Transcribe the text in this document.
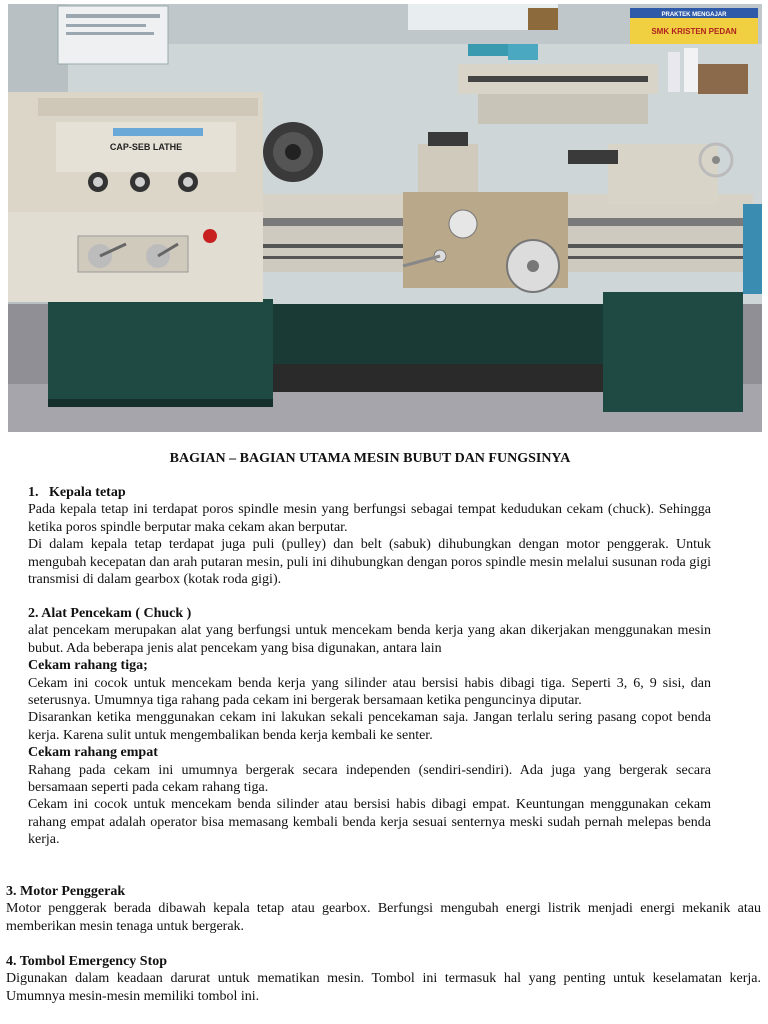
PRAKTEK MENGAJAR
SMK KRISTEN PEDAN
CAP-SEB LATHE
BAGIAN – BAGIAN UTAMA MESIN BUBUT DAN FUNGSINYA

1. Kepala tetap

Pada kepala tetap ini terdapat poros spindle mesin yang berfungsi sebagai tempat kedudukan cekam (chuck). Sehingga ketika poros spindle berputar maka cekam akan berputar.

Di dalam kepala tetap terdapat juga puli (pulley) dan belt (sabuk) dihubungkan dengan motor penggerak. Untuk mengubah kecepatan dan arah putaran mesin, puli ini dihubungkan dengan poros spindle mesin melalui susunan roda gigi transmisi di dalam gearbox (kotak roda gigi).

2. Alat Pencekam ( Chuck )

alat pencekam merupakan alat yang berfungsi untuk mencekam benda kerja yang akan dikerjakan menggunakan mesin bubut. Ada beberapa jenis alat pencekam yang bisa digunakan, antara lain

Cekam rahang tiga;

Cekam ini cocok untuk mencekam benda kerja yang silinder atau bersisi habis dibagi tiga. Seperti 3, 6, 9 sisi, dan seterusnya. Umumnya tiga rahang pada cekam ini bergerak bersamaan ketika penguncinya diputar.

Disarankan ketika menggunakan cekam ini lakukan sekali pencekaman saja. Jangan terlalu sering pasang copot benda kerja. Karena sulit untuk mengembalikan benda kerja kembali ke senter.

Cekam rahang empat

Rahang pada cekam ini umumnya bergerak secara independen (sendiri-sendiri). Ada juga yang bergerak secara bersamaan seperti pada cekam rahang tiga.

Cekam ini cocok untuk mencekam benda silinder atau bersisi habis dibagi empat. Keuntungan menggunakan cekam rahang empat adalah operator bisa memasang kembali benda kerja sesuai senternya meski sudah pernah melepas benda kerja.

3. Motor Penggerak

Motor penggerak berada dibawah kepala tetap atau gearbox. Berfungsi mengubah energi listrik menjadi energi mekanik atau memberikan mesin tenaga untuk bergerak.

4. Tombol Emergency Stop

Digunakan dalam keadaan darurat untuk mematikan mesin. Tombol ini termasuk hal yang penting untuk keselamatan kerja. Umumnya mesin-mesin memiliki tombol ini.
